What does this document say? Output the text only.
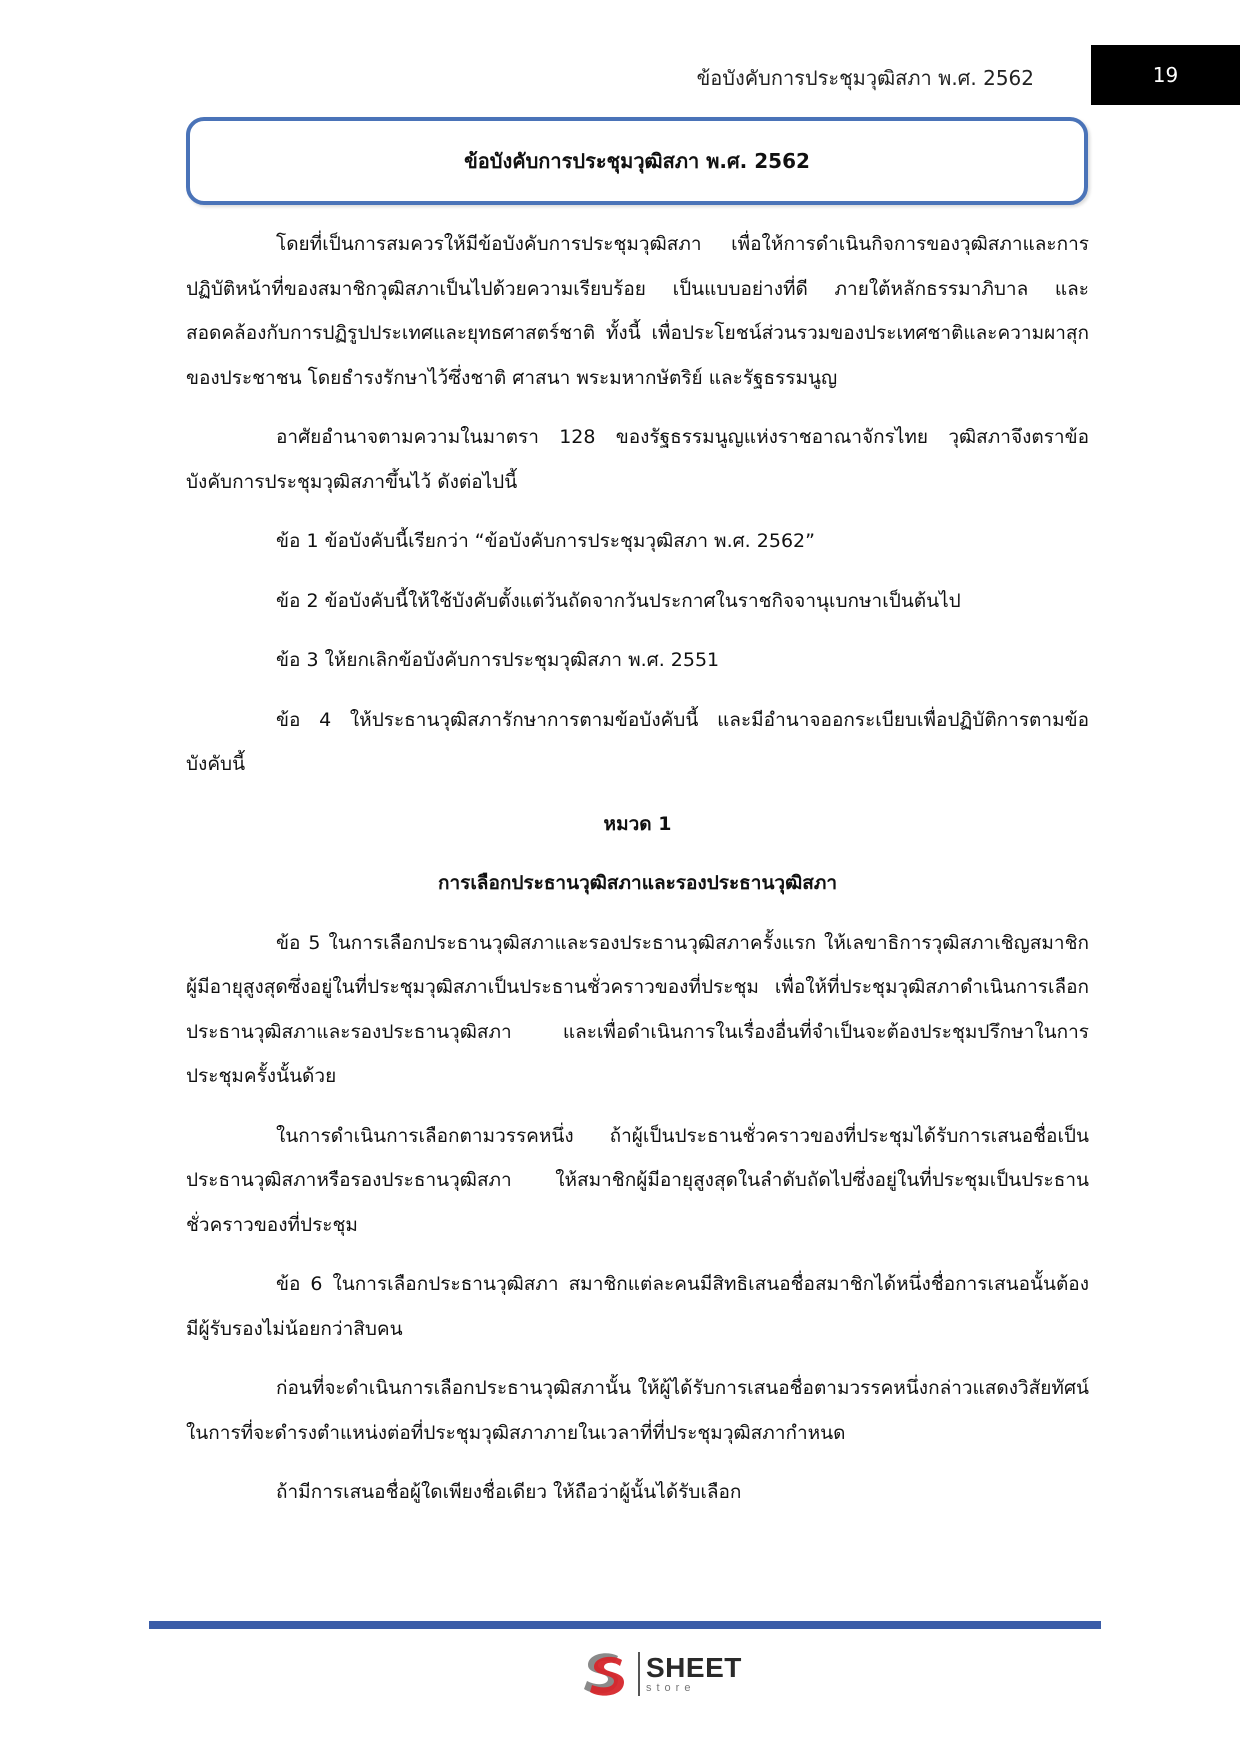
ข้อบังคับการประชุมวุฒิสภา พ.ศ. 2562	19
ข้อบังคับการประชุมวุฒิสภา พ.ศ. 2562

โดยที่เป็นการสมควรให้มีข้อบังคับการประชุมวุฒิสภา เพื่อให้การดำเนินกิจการของวุฒิสภาและการปฏิบัติหน้าที่ของสมาชิกวุฒิสภาเป็นไปด้วยความเรียบร้อย เป็นแบบอย่างที่ดี ภายใต้หลักธรรมาภิบาล และสอดคล้องกับการปฏิรูปประเทศและยุทธศาสตร์ชาติ ทั้งนี้ เพื่อประโยชน์ส่วนรวมของประเทศชาติและความผาสุกของประชาชน โดยธำรงรักษาไว้ซึ่งชาติ ศาสนา พระมหากษัตริย์ และรัฐธรรมนูญ

อาศัยอำนาจตามความในมาตรา 128 ของรัฐธรรมนูญแห่งราชอาณาจักรไทย วุฒิสภาจึงตราข้อบังคับการประชุมวุฒิสภาขึ้นไว้ ดังต่อไปนี้

ข้อ 1 ข้อบังคับนี้เรียกว่า “ข้อบังคับการประชุมวุฒิสภา พ.ศ. 2562”

ข้อ 2 ข้อบังคับนี้ให้ใช้บังคับตั้งแต่วันถัดจากวันประกาศในราชกิจจานุเบกษาเป็นต้นไป

ข้อ 3 ให้ยกเลิกข้อบังคับการประชุมวุฒิสภา พ.ศ. 2551

ข้อ 4 ให้ประธานวุฒิสภารักษาการตามข้อบังคับนี้ และมีอำนาจออกระเบียบเพื่อปฏิบัติการตามข้อบังคับนี้

หมวด 1
การเลือกประธานวุฒิสภาและรองประธานวุฒิสภา

ข้อ 5 ในการเลือกประธานวุฒิสภาและรองประธานวุฒิสภาครั้งแรก ให้เลขาธิการวุฒิสภาเชิญสมาชิกผู้มีอายุสูงสุดซึ่งอยู่ในที่ประชุมวุฒิสภาเป็นประธานชั่วคราวของที่ประชุม เพื่อให้ที่ประชุมวุฒิสภาดำเนินการเลือกประธานวุฒิสภาและรองประธานวุฒิสภา และเพื่อดำเนินการในเรื่องอื่นที่จำเป็นจะต้องประชุมปรึกษาในการประชุมครั้งนั้นด้วย

ในการดำเนินการเลือกตามวรรคหนึ่ง ถ้าผู้เป็นประธานชั่วคราวของที่ประชุมได้รับการเสนอชื่อเป็นประธานวุฒิสภาหรือรองประธานวุฒิสภา ให้สมาชิกผู้มีอายุสูงสุดในลำดับถัดไปซึ่งอยู่ในที่ประชุมเป็นประธานชั่วคราวของที่ประชุม

ข้อ 6 ในการเลือกประธานวุฒิสภา สมาชิกแต่ละคนมีสิทธิเสนอชื่อสมาชิกได้หนึ่งชื่อการเสนอนั้นต้องมีผู้รับรองไม่น้อยกว่าสิบคน

ก่อนที่จะดำเนินการเลือกประธานวุฒิสภานั้น ให้ผู้ได้รับการเสนอชื่อตามวรรคหนึ่งกล่าวแสดงวิสัยทัศน์ในการที่จะดำรงตำแหน่งต่อที่ประชุมวุฒิสภาภายในเวลาที่ที่ประชุมวุฒิสภากำหนด

ถ้ามีการเสนอชื่อผู้ใดเพียงชื่อเดียว ให้ถือว่าผู้นั้นได้รับเลือก

SHEET
store
